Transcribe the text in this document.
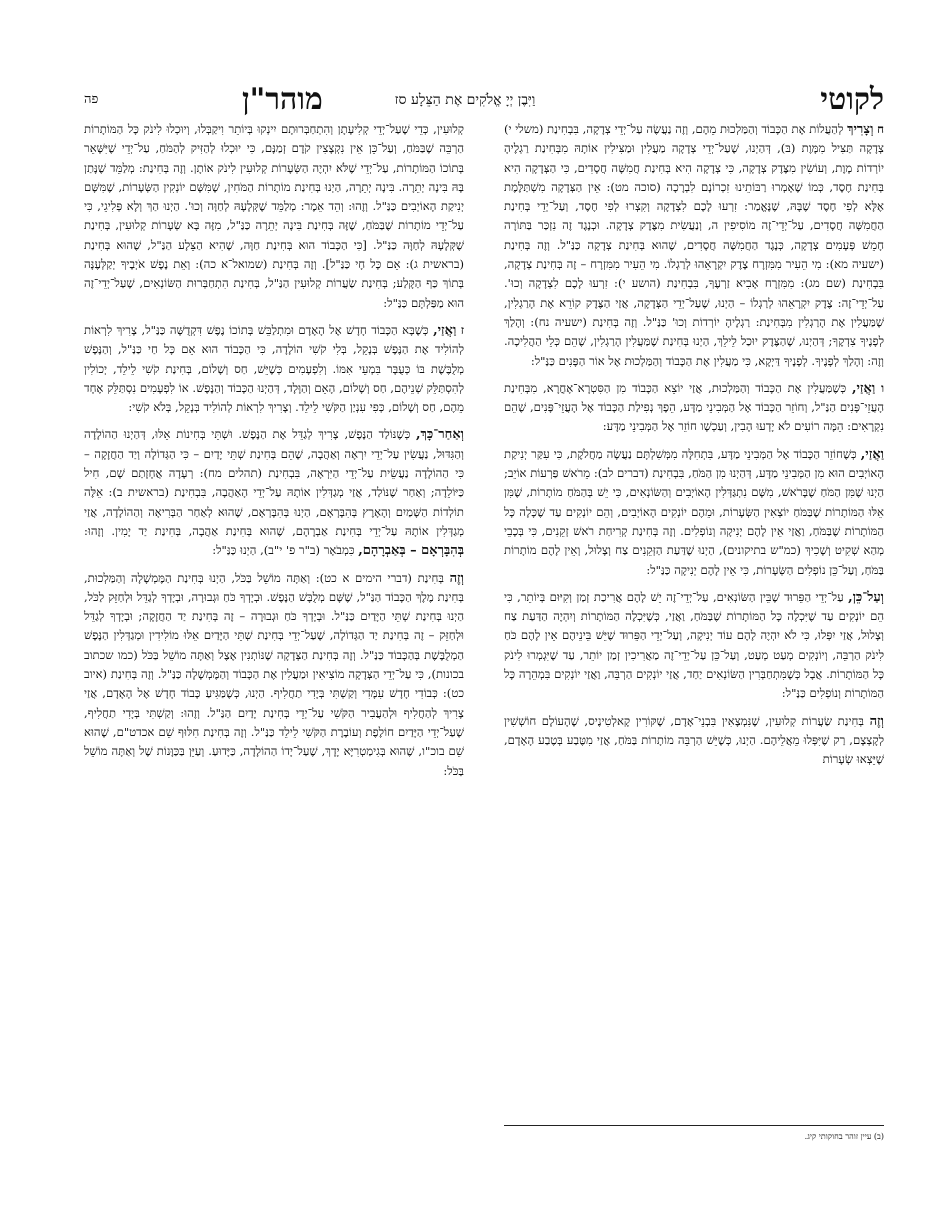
לקוטי
וַיִּבֶן יְיָ אֱלֹקִים אֶת הַצֵּלָע סז
מוהר"ן
פה

ח וְצָרִיךְ לְהַעֲלוֹת אֶת הַכָּבוֹד וְהַמַּלְכוּת מֵהֶם, וְזֶה נַעֲשֶׂה עַל־יְדֵי צְדָקָה, בִּבְחִינַת (משלי י) צְדָקָה תַּצִּיל מִמָּוֶת (בּ), דְּהַיְנוּ, שֶׁעַל־יְדֵי צְדָקָה מַעֲלִין וּמַצִּילִין אוֹתָהּ מִבְּחִינַת רַגְלֶיהָ יוֹרְדוֹת מָוֶת, וְעוֹשִׂין מִצֶּדֶק צְדָקָה, כִּי צְדָקָה הִיא בְּחִינַת חֲמִשָּׁה חֲסָדִים, כִּי הַצְּדָקָה הִיא בְּחִינַת חֶסֶד, כְּמוֹ שֶׁאָמְרוּ רַבּוֹתֵינוּ זִכְרוֹנָם לִבְרָכָה (סוכה מט): אֵין הַצְּדָקָה מִשְׁתַּלֶּמֶת אֶלָּא לְפִי חֶסֶד שֶׁבָּהּ, שֶׁנֶּאֱמַר: זִרְעוּ לָכֶם לִצְדָקָה וְקִצְרוּ לְפִי חֶסֶד, וְעַל־יְדֵי בְּחִינַת הַחֲמִשָּׁה חֲסָדִים, עַל־יְדֵי־זֶה מוֹסִיפִין ה, וְנַעֲשִׂית מִצֶּדֶק צְדָקָה. וּכְנֶגֶד זֶה נִזְכַּר בַּתּוֹרָה חָמֵשׁ פְּעָמִים צְדָקָה, כְּנֶגֶד הַחֲמִשָּׁה חֲסָדִים, שֶׁהוּא בְּחִינַת צְדָקָה כַּנַּ"ל. וְזֶה בְּחִינַת (ישעיה מא): מִי הֵעִיר מִמִּזְרָח צֶדֶק יִקְרָאֵהוּ לְרַגְלוֹ. מִי הֵעִיר מִמִּזְרָח – זֶה בְּחִינַת צְדָקָה, בִּבְחִינַת (שם מג): מִמִּזְרָח אָבִיא זַרְעֶךָ, בִּבְחִינַת (הושע י): זִרְעוּ לָכֶם לִצְדָקָה וְכוּ'. עַל־יְדֵי־זֶה: צֶדֶק יִקְרָאֵהוּ לְרַגְלוֹ – הַיְנוּ, שֶׁעַל־יְדֵי הַצְּדָקָה, אֲזַי הַצֶּדֶק קוֹרֵא אֶת הָרַגְלִין, שֶׁמַּעֲלִין אֶת הָרַגְלִין מִבְּחִינַת: רַגְלֶיהָ יוֹרְדוֹת וְכוּ' כַּנַּ"ל. וְזֶה בְּחִינַת (ישעיה נח): וְהָלַךְ לְפָנֶיךָ צִדְקֶךָ; דְּהַיְנוּ, שֶׁהַצֶּדֶק יוּכַל לֵילֵךְ, הַיְנוּ בְּחִינַת שֶׁמַּעֲלִין הָרַגְלִין, שֶׁהֵם כְּלֵי הַהֲלִיכָה. וְזֶה: וְהָלַךְ לְפָנֶיךָ. לְפָנֶיךָ דַּיְקָא, כִּי מַעֲלִין אֶת הַכָּבוֹד וְהַמַּלְכוּת אֶל אוֹר הַפָּנִים כַּנַּ"ל:

ו וַאֲזַי, כְּשֶׁמַּעֲלִין אֶת הַכָּבוֹד וְהַמַּלְכוּת, אֲזַי יוֹצֵא הַכָּבוֹד מִן הַסִּטְרָא־אָחֳרָא, מִבְּחִינַת הָעֲזֵי־פָּנִים הַנַּ"ל, וְחוֹזֵר הַכָּבוֹד אֶל הַמְּבִינֵי מַדָּע, הֵפֶךְ נְפִילַת הַכָּבוֹד אֶל הָעֲזֵי־פָּנִים, שֶׁהֵם נִקְרָאִים: הֵמָּה רוֹעִים לֹא יָדְעוּ הָבִין, וְעַכְשָׁו חוֹזֵר אֶל הַמְּבִינֵי מַדָּע:

וַאֲזַי, כְּשֶׁחוֹזֵר הַכָּבוֹד אֶל הַמְּבִינֵי מַדָּע, בִּתְחִלָּה מִמְּשִׁלְתָּם נַעֲשָׂה מַחֲלֹקֶת, כִּי עִקַּר יְנִיקַת הָאוֹיְבִים הוּא מִן הַמְּבִינֵי מַדָּע, דְּהַיְנוּ מִן הַמֹּחַ, בִּבְחִינַת (דברים לב): מֵרֹאשׁ פַּרְעוֹת אוֹיֵב; הַיְנוּ שֶׁמִּן הַמֹּחַ שֶׁבָּרֹאשׁ, מִשָּׁם נִתְגַּדְּלִין הָאוֹיְבִים וְהַשּׂוֹנְאִים, כִּי יֵשׁ בְּהַמֹּחַ מוֹתָרוֹת, שֶׁמִּן אֵלּוּ הַמּוֹתָרוֹת שֶׁבַּמֹּחַ יוֹצְאִין הַשְּׂעָרוֹת, וּמֵהֶם יוֹנְקִים הָאוֹיְבִים, וְהֵם יוֹנְקִים עַד שֶׁכָּלָה כָּל הַמּוֹתָרוֹת שֶׁבַּמֹּחַ, וַאֲזַי אֵין לָהֶם יְנִיקָה וְנוֹפְלִים. וְזֶה בְּחִינַת קְרִיחַת רֹאשׁ זְקֵנִים, כִּי בְּכָבֵי מְהַא שְׁקִיט וְשָׁכִיךְ (כמ"ש בתיקונים), הַיְנוּ שֶׁדַּעַת הַזְּקֵנִים צַח וְצָלוּל, וְאֵין לָהֶם מוֹתָרוֹת בַּמֹּחַ, וְעַל־כֵּן נוֹפְלִים הַשְּׂעָרוֹת, כִּי אֵין לָהֶם יְנִיקָה כַּנַּ"ל:

וְעַל־כֵּן, עַל־יְדֵי הַפֵּרוּד שֶׁבֵּין הַשּׂוֹנְאִים, עַל־יְדֵי־זֶה יֵשׁ לָהֶם אֲרִיכַת זְמַן וְקִיּוּם בְּיוֹתֵר, כִּי הֵם יוֹנְקִים עַד שֶׁיִּכְלֶה כָּל הַמּוֹתָרוֹת שֶׁבַּמֹּחַ, וַאֲזַי, כְּשֶׁיִּכְלֶה הַמּוֹתָרוֹת וְיִהְיֶה הַדַּעַת צַח וְצָלוּל, אֲזַי יִפְּלוּ, כִּי לֹא יִהְיֶה לָהֶם עוֹד יְנִיקָה, וְעַל־יְדֵי הַפֵּרוּד שֶׁיֵּשׁ בֵּינֵיהֶם אֵין לָהֶם כֹּחַ לִינֹק הַרְבֵּה, וְיוֹנְקִים מְעַט מְעַט, וְעַל־כֵּן עַל־יְדֵי־זֶה מַאֲרִיכִין זְמַן יוֹתֵר, עַד שֶׁיִּגְמְרוּ לִינֹק כָּל הַמּוֹתָרוֹת. אֲבָל כְּשֶׁמִּתְחַבְּרִין הַשּׂוֹנְאִים יַחַד, אֲזַי יוֹנְקִים הַרְבֵּה, וַאֲזַי יוֹנְקִים בִּמְהֵרָה כָּל הַמּוֹתָרוֹת וְנוֹפְלִים כַּנַּ"ל:

וְזֶה בְּחִינַת שַׂעֲרוֹת קְלוּעִין, שֶׁנִּמְצָאִין בִּבְנֵי־אָדָם, שֶׁקּוֹרִין קָאלְטִינֶיס, שֶׁהָעוֹלָם חוֹשְׁשִׁין לְקָצְצָם, רַק שֶׁיִּפְּלוּ מֵאֲלֵיהֶם. הַיְנוּ, כְּשֶׁיֵּשׁ הַרְבֵּה מוֹתָרוֹת בַּמֹּחַ, אֲזַי מִטֶּבַע בְּטֶבַע הָאָדָם, שֶׁיֵּצְאוּ שְׂעָרוֹת

קְלוּעִין, כְּדֵי שֶׁעַל־יְדֵי קְלִיעָתָן וְהִתְחַבְּרוּתָם יִינְקוּ בְּיוֹתֵר וִיקַבְּלוּ, וְיוּכְלוּ לִינֹק כָּל הַמּוֹתָרוֹת הַרְבֵּה שֶׁבַּמֹּחַ, וְעַל־כֵּן אֵין נִקְצָצִין קֹדֶם זְמַנָּם, כִּי יוּכְלוּ לְהַזִּיק לְהַמֹּחַ, עַל־יְדֵי שֶׁיִּשָּׁאֵר בְּתוֹכוֹ הַמּוֹתָרוֹת, עַל־יְדֵי שֶׁלֹּא יִהְיֶה הַשְּׂעָרוֹת קְלוּעִין לִינֹק אוֹתָן. וְזֶה בְּחִינַת: מְלַמֵּד שֶׁנָּתַן בָּהּ בִּינָה יְתֵרָה. בִּינָה יְתֵרָה, הַיְנוּ בְּחִינַת מוֹתָרוֹת הַמֹּחִין, שֶׁמִּשָּׁם יוֹנְקִין הַשְּׂעָרוֹת, שֶׁמִּשָּׁם יְנִיקַת הָאוֹיְבִים כַּנַּ"ל. וְזֶהוּ: וְהֵד אֵמֶר: מְלַמֵּד שֶׁקְּלָעָהּ לְחַוָּה וְכוּ'. הַיְנוּ הַךְ וְלָא פְּלִיגֵי, כִּי עַל־יְדֵי מוֹתָרוֹת שֶׁבַּמֹּחַ, שֶׁזֶּה בְּחִינַת בִּינָה יְתֵרָה כַּנַּ"ל, מִזֶּה בָּא שְׂעָרוֹת קְלוּעִין, בְּחִינַת שֶׁקְּלָעָהּ לְחַוָּה כַּנַּ"ל. [כִּי הַכָּבוֹד הוּא בְּחִינַת חַוָּה, שֶׁהִיא הַצֵּלָע הַנַּ"ל, שֶׁהוּא בְּחִינַת (בראשית ג): אֵם כָּל חָי כַּנַּ"ל]. וְזֶה בְּחִינַת (שמואל־א כה): וְאֵת נֶפֶשׁ אֹיְבֶיךָ יְקַלְּעֶנָּה בְּתוֹךְ כַּף הַקָּלַע; בְּחִינַת שַׂעֲרוֹת קְלוּעִין הַנַּ"ל, בְּחִינַת הִתְחַבְּרוּת הַשּׂוֹנְאִים, שֶׁעַל־יְדֵי־זֶה הוּא מַפַּלְתָּם כַּנַּ"ל:

ז וַאֲזַי, כְּשֶׁבָּא הַכָּבוֹד חָדָשׁ אֶל הָאָדָם וּמִתְלַבֵּשׁ בְּתוֹכוֹ נֶפֶשׁ דִּקְדֻשָּׁה כַּנַּ"ל, צָרִיךְ לִרְאוֹת לְהוֹלִיד אֶת הַנֶּפֶשׁ בְּנָקֵל, בְּלִי קֹשִׁי הוֹלָדָה, כִּי הַכָּבוֹד הוּא אֵם כָּל חַי כַּנַּ"ל, וְהַנֶּפֶשׁ מְלֻבֶּשֶׁת בּוֹ כְּעֻבָּר בִּמְעֵי אִמּוֹ. וְלִפְעָמִים כְּשֶׁיֵּשׁ, חַס וְשָׁלוֹם, בְּחִינַת קֹשִׁי לֵילֵד, יְכוֹלִין לְהִסְתַּלֵּק שְׁנֵיהֶם, חַס וְשָׁלוֹם, הָאֵם וְהַוָּלָד, דְּהַיְנוּ הַכָּבוֹד וְהַנֶּפֶשׁ. אוֹ לִפְעָמִים נִסְתַּלֵּק אֶחָד מֵהֶם, חַס וְשָׁלוֹם, כְּפִי עִנְיַן הַקֹּשִׁי לֵילֵד. וְצָרִיךְ לִרְאוֹת לְהוֹלִיד בְּנָקֵל, בְּלֹא קֹשִׁי:

וְאַחַר־כָּךְ, כְּשֶׁנּוֹלַד הַנֶּפֶשׁ, צָרִיךְ לְגַדֵּל אֶת הַנֶּפֶשׁ. וּשְׁתֵּי בְּחִינוֹת אֵלּוּ, דְּהַיְנוּ הַהוֹלָדָה וְהַגִּדּוּל, נַעֲשִׂין עַל־יְדֵי יִרְאָה וְאַהֲבָה, שֶׁהֵם בְּחִינַת שְׁתֵּי יָדַיִם – כִּי הַגְּדוֹלָה וְיַד הַחֲזָקָה – כִּי הַהוֹלָדָה נַעֲשֵׂית עַל־יְדֵי הַיִּרְאָה, בִּבְחִינַת (תהלים מח): רְעָדָה אֲחָזָתַם שָׁם, חִיל כַּיּוֹלֵדָה; וְאַחַר שֶׁנּוֹלַד, אֲזַי מְגַדְּלִין אוֹתָהּ עַל־יְדֵי הָאַהֲבָה, בִּבְחִינַת (בראשית ב): אֵלֶּה תוֹלְדוֹת הַשָּׁמַיִם וְהָאָרֶץ בְּהִבָּרְאָם, הַיְנוּ בְּהִבָּרְאָם, שֶׁהוּא לְאַחַר הַבְּרִיאָה וְהַהוֹלָדָה, אֲזַי מְגַדְּלִין אוֹתָהּ עַל־יְדֵי בְּחִינַת אַבְרָהָם, שֶׁהוּא בְּחִינַת אַהֲבָה, בְּחִינַת יַד יָמִין. וְזֶהוּ: בְּהִבָּרְאָם – בְּאַבְרָהָם, כִּמְבֹאָר (ב"ר פ' י"ב), הַיְנוּ כַּנַּ"ל:

וְזֶה בְּחִינַת (דברי הימים א כט): וְאַתָּה מוֹשֵׁל בַּכֹּל, הַיְנוּ בְּחִינַת הַמֶּמְשָׁלָה וְהַמַּלְכוּת, בְּחִינַת מֶלֶךְ הַכָּבוֹד הַנַּ"ל, שֶׁשָּׁם מְלֻבָּשׁ הַנֶּפֶשׁ. וּבְיָדְךָ כֹּחַ וּגְבוּרָה, וּבְיָדְךָ לְגַדֵּל וּלְחַזֵּק לַכֹּל, הַיְנוּ בְּחִינַת שְׁתֵּי הַיָּדַיִם כַּנַּ"ל. וּבְיָדְךָ כֹּחַ וּגְבוּרָה – זֶה בְּחִינַת יַד הַחֲזָקָה; וּבְיָדְךָ לְגַדֵּל וּלְחַזֵּק – זֶה בְּחִינַת יַד הַגְּדוֹלָה, שֶׁעַל־יְדֵי בְּחִינַת שְׁתֵּי הַיָּדַיִם אֵלּוּ מוֹלִידִין וּמְגַדְּלִין הַנֶּפֶשׁ הַמְלֻבֶּשֶׁת בְּהַכָּבוֹד כַּנַּ"ל. וְזֶה בְּחִינַת הַצְּדָקָה שֶׁנּוֹתְנִין אֶצֶל וְאַתָּה מוֹשֵׁל בַּכֹּל (כמו שכתוב בכונות), כִּי עַל־יְדֵי הַצְּדָקָה מוֹצִיאִין וּמַעֲלִין אֶת הַכָּבוֹד וְהַמֶּמְשָׁלָה כַּנַּ"ל. וְזֶה בְּחִינַת (איוב כט): כְּבוֹדִי חָדָשׁ עִמָּדִי וְקַשְׁתִּי בְּיָדִי תַחֲלִיף. הַיְנוּ, כְּשֶׁמַּגִּיעַ כָּבוֹד חָדָשׁ אֶל הָאָדָם, אֲזַי צָרִיךְ לְהַחֲלִיף וּלְהַעֲבִיר הַקֹּשִׁי עַל־יְדֵי בְּחִינַת יָדַיִם הַנַּ"ל. וְזֶהוּ: וְקַשְׁתִּי בְּיָדִי תַחֲלִיף, שֶׁעַל־יְדֵי הַיָּדַיִם חוֹלֶפֶת וְעוֹבֶרֶת הַקֹּשִׁי לֵילֵד כַּנַּ"ל. וְזֶה בְּחִינַת חִלּוּף שֵׁם אכדט"ם, שֶׁהוּא שֵׁם בוכ"ו, שֶׁהוּא בְּגִימַטְרִיָּא יָדָךְ, שֶׁעַל־יָדוֹ הַהוֹלָדָה, כַּיָּדוּעַ. וְעַיֵּן בַּכַּוָּנוֹת שֶׁל וְאַתָּה מוֹשֵׁל בַּכֹּל:

(ב) עיין זוהר בחוקותי קיג.
